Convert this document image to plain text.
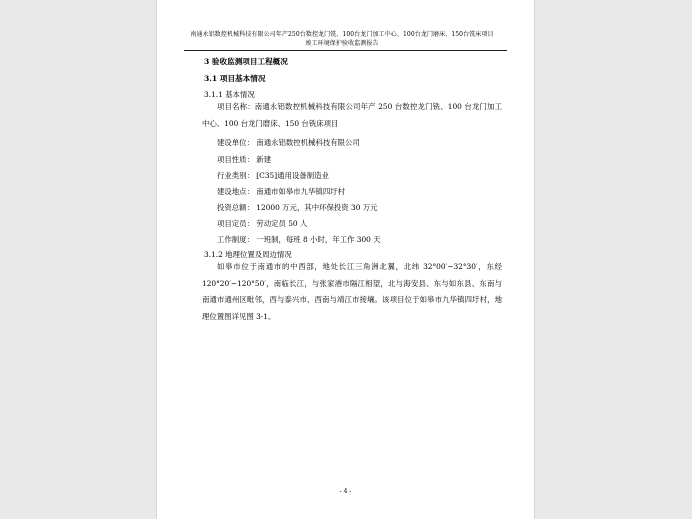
南通永铝数控机械科技有限公司年产250台数控龙门铣、100台龙门加工中心、100台龙门磨床、150台铣床项目
竣工环境保护验收监测报告
3 验收监测项目工程概况
3.1 项目基本情况
3.1.1 基本情况
项目名称：南通永铝数控机械科技有限公司年产 250 台数控龙门铣、100 台龙门加工中心、100 台龙门磨床、150 台铣床项目
建设单位： 南通永铝数控机械科技有限公司
项目性质： 新建
行业类别： [C35]通用设备制造业
建设地点： 南通市如皋市九华镇四圩村
投资总额： 12000 万元，其中环保投资 30 万元
项目定员： 劳动定员 50 人
工作制度： 一班制，每班 8 小时，年工作 300 天
3.1.2 地理位置及周边情况
如皋市位于南通市的中西部，地处长江三角洲北翼，北纬 32°00′~32°30′，东经 120°20′~120°50′，南临长江，与张家港市隔江相望，北与海安县、东与如东县、东南与南通市通州区毗邻，西与泰兴市、西南与靖江市接壤。该项目位于如皋市九华镇四圩村，地理位置图详见图 3-1。
- 4 -
